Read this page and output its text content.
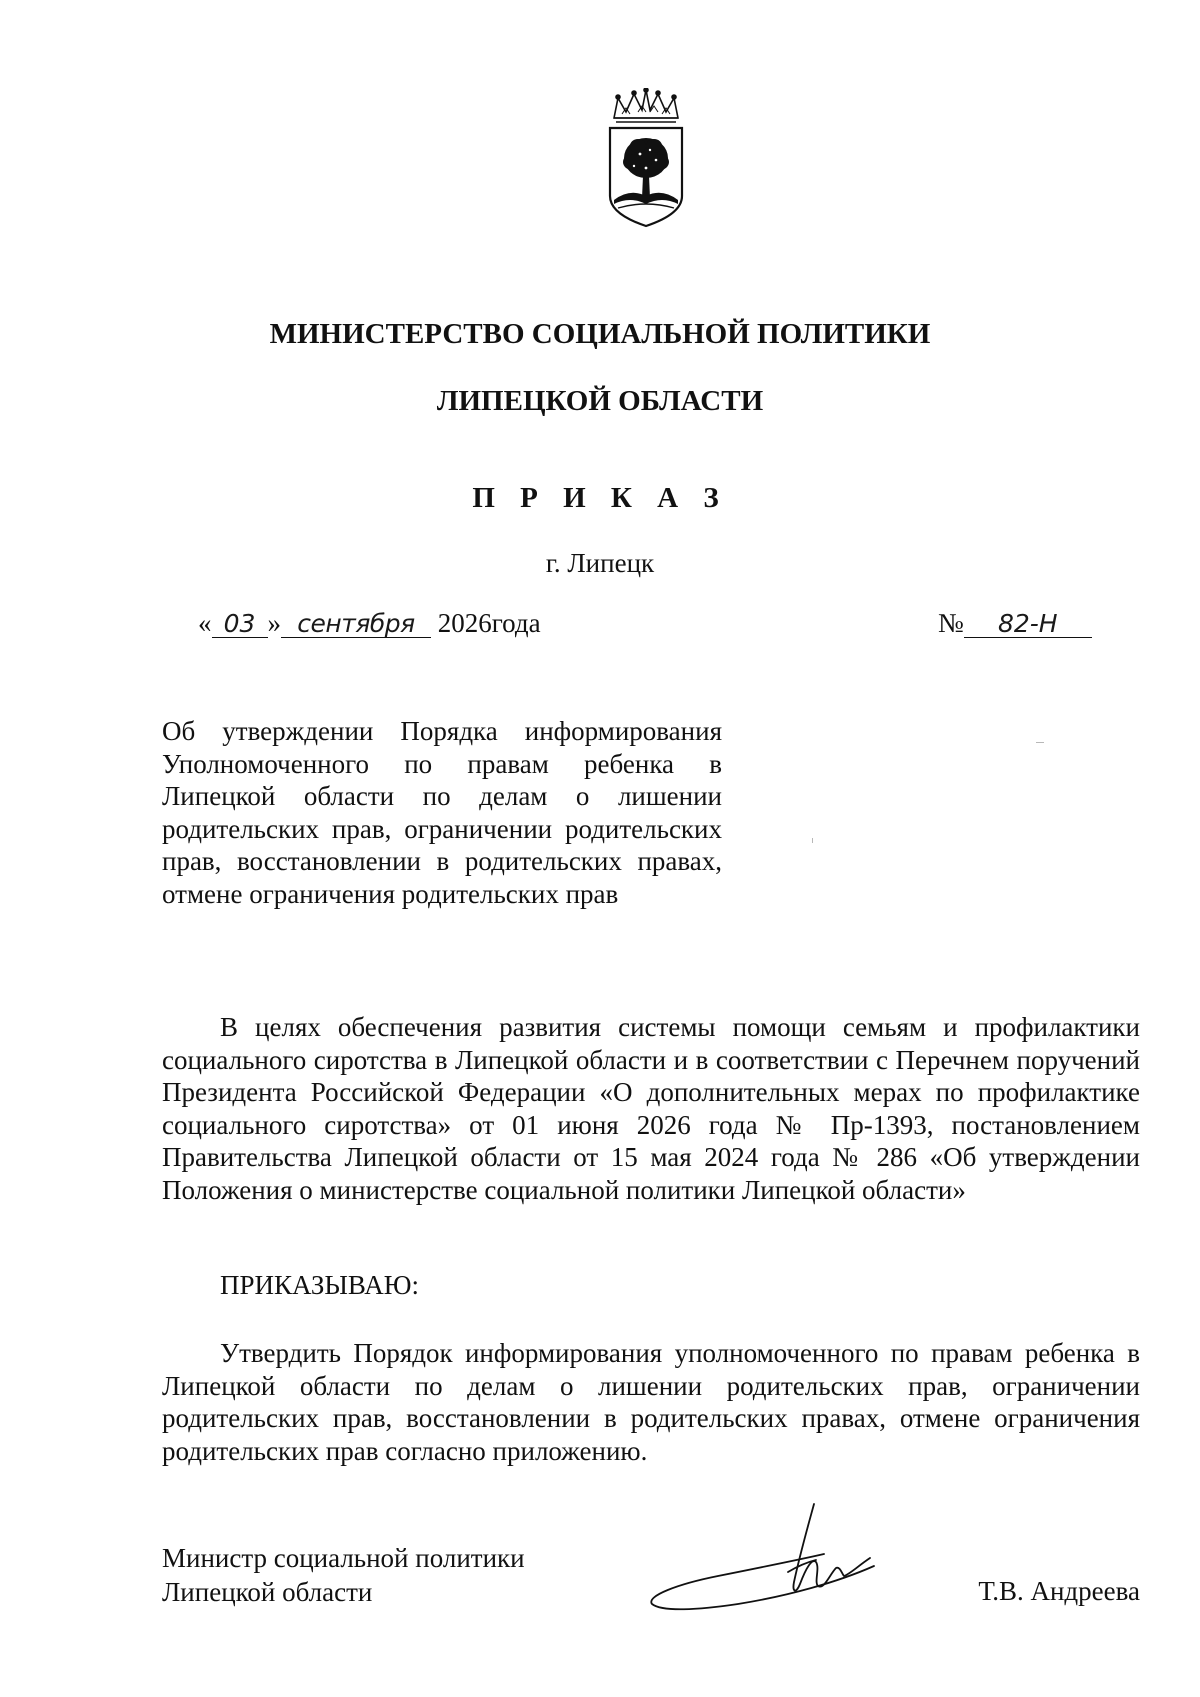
МИНИСТЕРСТВО СОЦИАЛЬНОЙ ПОЛИТИКИ
ЛИПЕЦКОЙ ОБЛАСТИ
П Р И К А З
г. Липецк
« 03 » сентября 2026года	№ 82-Н
Об утверждении Порядка информирования Уполномоченного по правам ребенка в Липецкой области по делам о лишении родительских прав, ограничении родительских прав, восстановлении в родительских правах, отмене ограничения родительских прав
В целях обеспечения развития системы помощи семьям и профилактики социального сиротства в Липецкой области и в соответствии с Перечнем поручений Президента Российской Федерации «О дополнительных мерах по профилактике социального сиротства» от 01 июня 2026 года № Пр-1393, постановлением Правительства Липецкой области от 15 мая 2024 года № 286 «Об утверждении Положения о министерстве социальной политики Липецкой области»
ПРИКАЗЫВАЮ:
Утвердить Порядок информирования уполномоченного по правам ребенка в Липецкой области по делам о лишении родительских прав, ограничении родительских прав, восстановлении в родительских правах, отмене ограничения родительских прав согласно приложению.
Министр социальной политики
Липецкой области	Т.В. Андреева
